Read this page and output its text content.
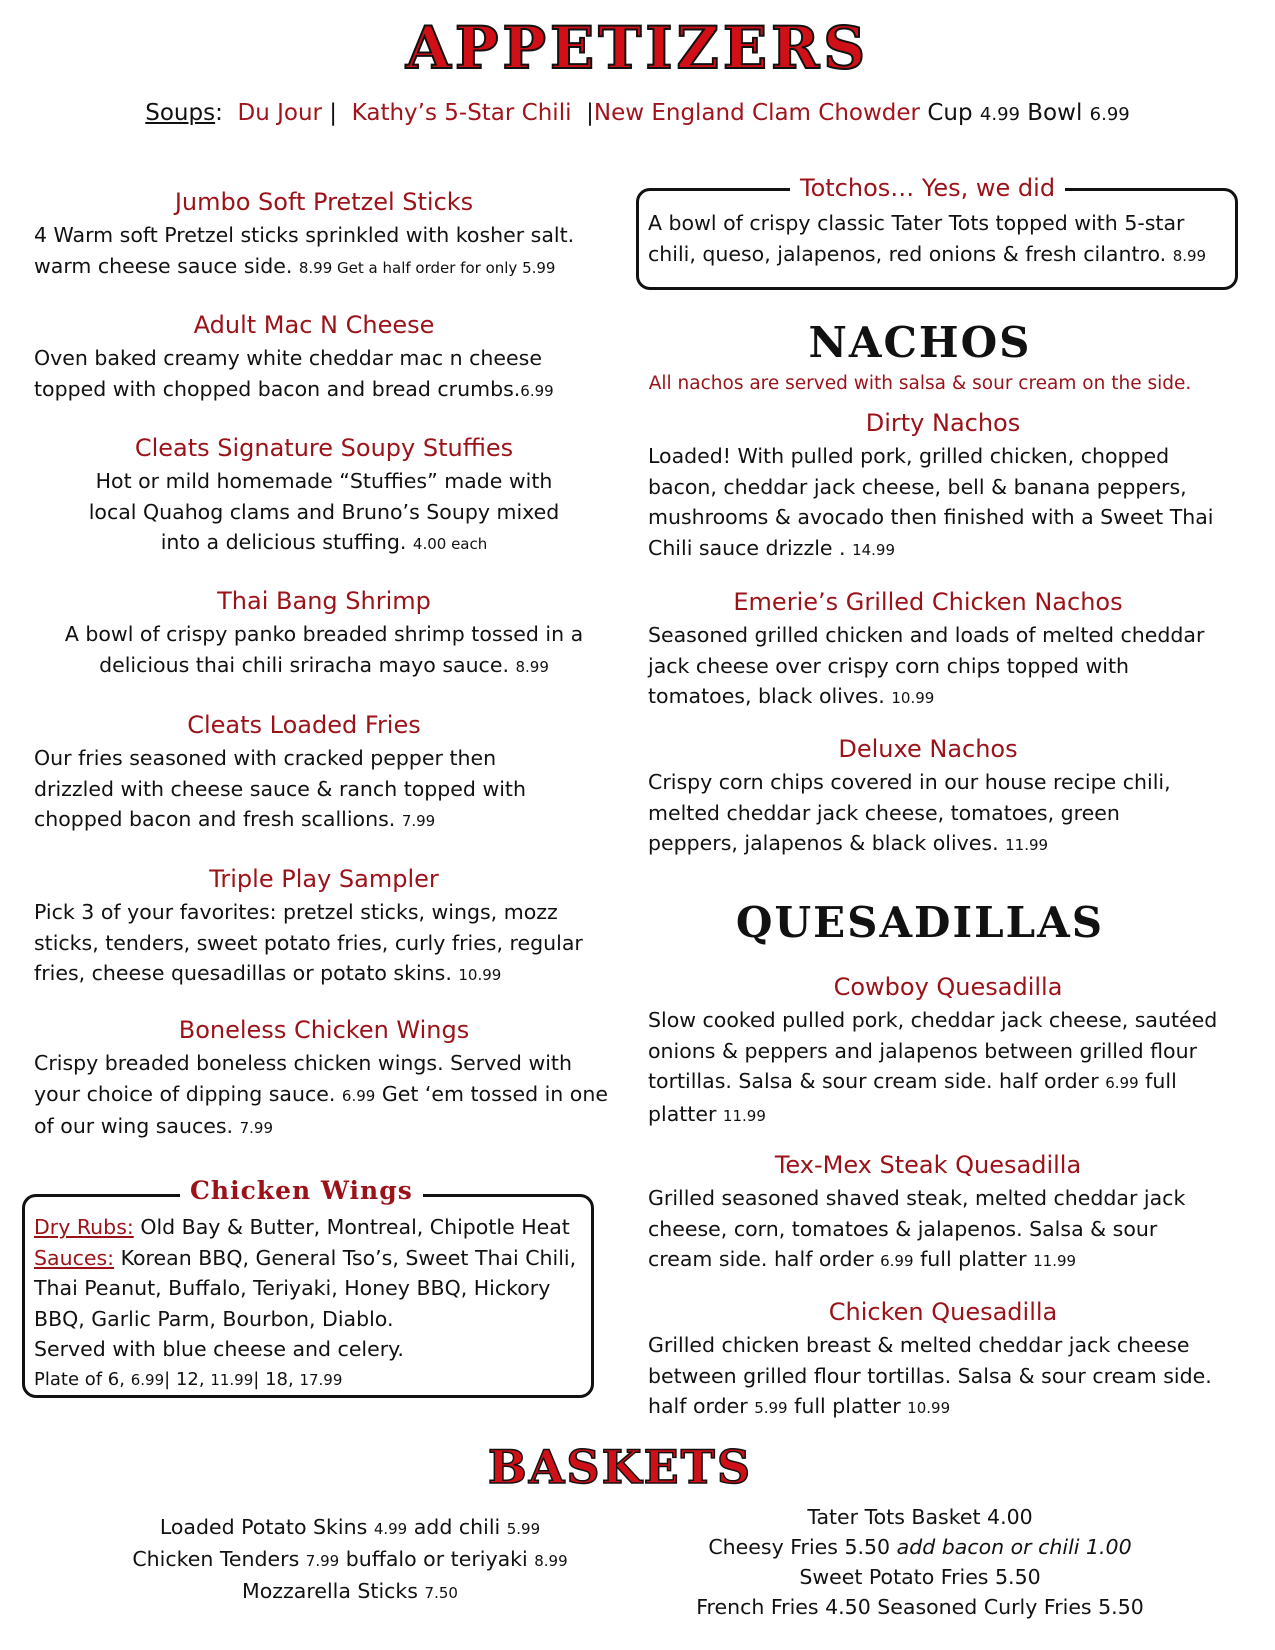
APPETIZERS
Soups: Du Jour | Kathy’s 5-Star Chili |New England Clam Chowder Cup 4.99 Bowl 6.99
Jumbo Soft Pretzel Sticks
4 Warm soft Pretzel sticks sprinkled with kosher salt. warm cheese sauce side. 8.99 Get a half order for only 5.99
Adult Mac N Cheese
Oven baked creamy white cheddar mac n cheese topped with chopped bacon and bread crumbs.6.99
Cleats Signature Soupy Stuffies
Hot or mild homemade “Stuffies” made with local Quahog clams and Bruno’s Soupy mixed into a delicious stuffing. 4.00 each
Thai Bang Shrimp
A bowl of crispy panko breaded shrimp tossed in a delicious thai chili sriracha mayo sauce. 8.99
Cleats Loaded Fries
Our fries seasoned with cracked pepper then drizzled with cheese sauce & ranch topped with chopped bacon and fresh scallions. 7.99
Triple Play Sampler
Pick 3 of your favorites: pretzel sticks, wings, mozz sticks, tenders, sweet potato fries, curly fries, regular fries, cheese quesadillas or potato skins. 10.99
Boneless Chicken Wings
Crispy breaded boneless chicken wings. Served with your choice of dipping sauce. 6.99 Get ‘em tossed in one of our wing sauces. 7.99
Chicken Wings
Dry Rubs: Old Bay & Butter, Montreal, Chipotle Heat
Sauces: Korean BBQ, General Tso’s, Sweet Thai Chili, Thai Peanut, Buffalo, Teriyaki, Honey BBQ, Hickory BBQ, Garlic Parm, Bourbon, Diablo.
Served with blue cheese and celery.
Plate of 6, 6.99| 12, 11.99| 18, 17.99
Totchos… Yes, we did
A bowl of crispy classic Tater Tots topped with 5-star chili, queso, jalapenos, red onions & fresh cilantro. 8.99
NACHOS
All nachos are served with salsa & sour cream on the side.
Dirty Nachos
Loaded! With pulled pork, grilled chicken, chopped bacon, cheddar jack cheese, bell & banana peppers, mushrooms & avocado then finished with a Sweet Thai Chili sauce drizzle . 14.99
Emerie’s Grilled Chicken Nachos
Seasoned grilled chicken and loads of melted cheddar jack cheese over crispy corn chips topped with tomatoes, black olives. 10.99
Deluxe Nachos
Crispy corn chips covered in our house recipe chili, melted cheddar jack cheese, tomatoes, green peppers, jalapenos & black olives. 11.99
QUESADILLAS
Cowboy Quesadilla
Slow cooked pulled pork, cheddar jack cheese, sautéed onions & peppers and jalapenos between grilled flour tortillas. Salsa & sour cream side. half order 6.99 full platter 11.99
Tex-Mex Steak Quesadilla
Grilled seasoned shaved steak, melted cheddar jack cheese, corn, tomatoes & jalapenos. Salsa & sour cream side. half order 6.99 full platter 11.99
Chicken Quesadilla
Grilled chicken breast & melted cheddar jack cheese between grilled flour tortillas. Salsa & sour cream side. half order 5.99 full platter 10.99
BASKETS
Loaded Potato Skins 4.99 add chili 5.99
Chicken Tenders 7.99 buffalo or teriyaki 8.99
Mozzarella Sticks 7.50
Tater Tots Basket 4.00
Cheesy Fries 5.50 add bacon or chili 1.00
Sweet Potato Fries 5.50
French Fries 4.50 Seasoned Curly Fries 5.50
